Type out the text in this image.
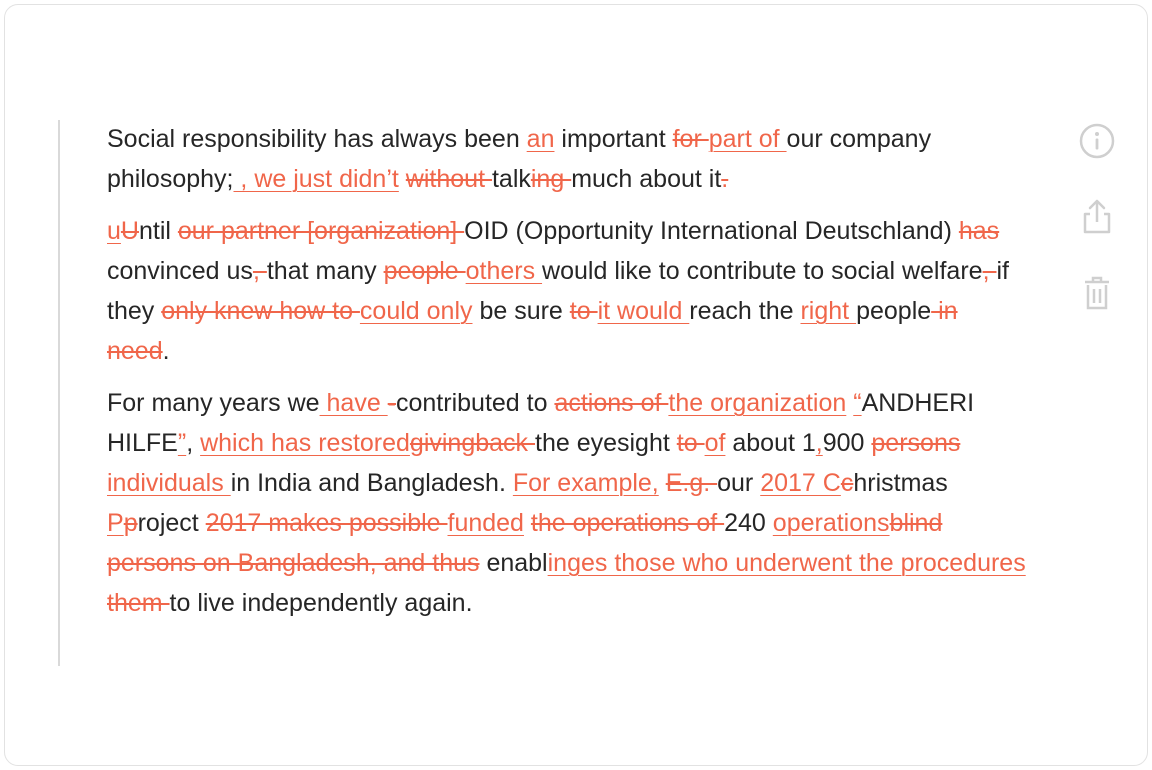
Social responsibility has always been an important for part of our company philosophy; , we just didn’t without talking much about it.

uUntil our partner [organization] OID (Opportunity International Deutschland) has convinced us, that many people others would like to contribute to social welfare, if they only knew how to could only be sure to it would reach the right people in need.

For many years we have -contributed to actions of the organization “ANDHERI HILFE”, which has restoredgivingback the eyesight to of about 1,900 persons individuals in India and Bangladesh. For example, E.g. our 2017 Cchristmas Pproject 2017 makes possible funded the operations of 240 operationsblind persons on Bangladesh, and thus enablinges those who underwent the procedures them to live independently again.
